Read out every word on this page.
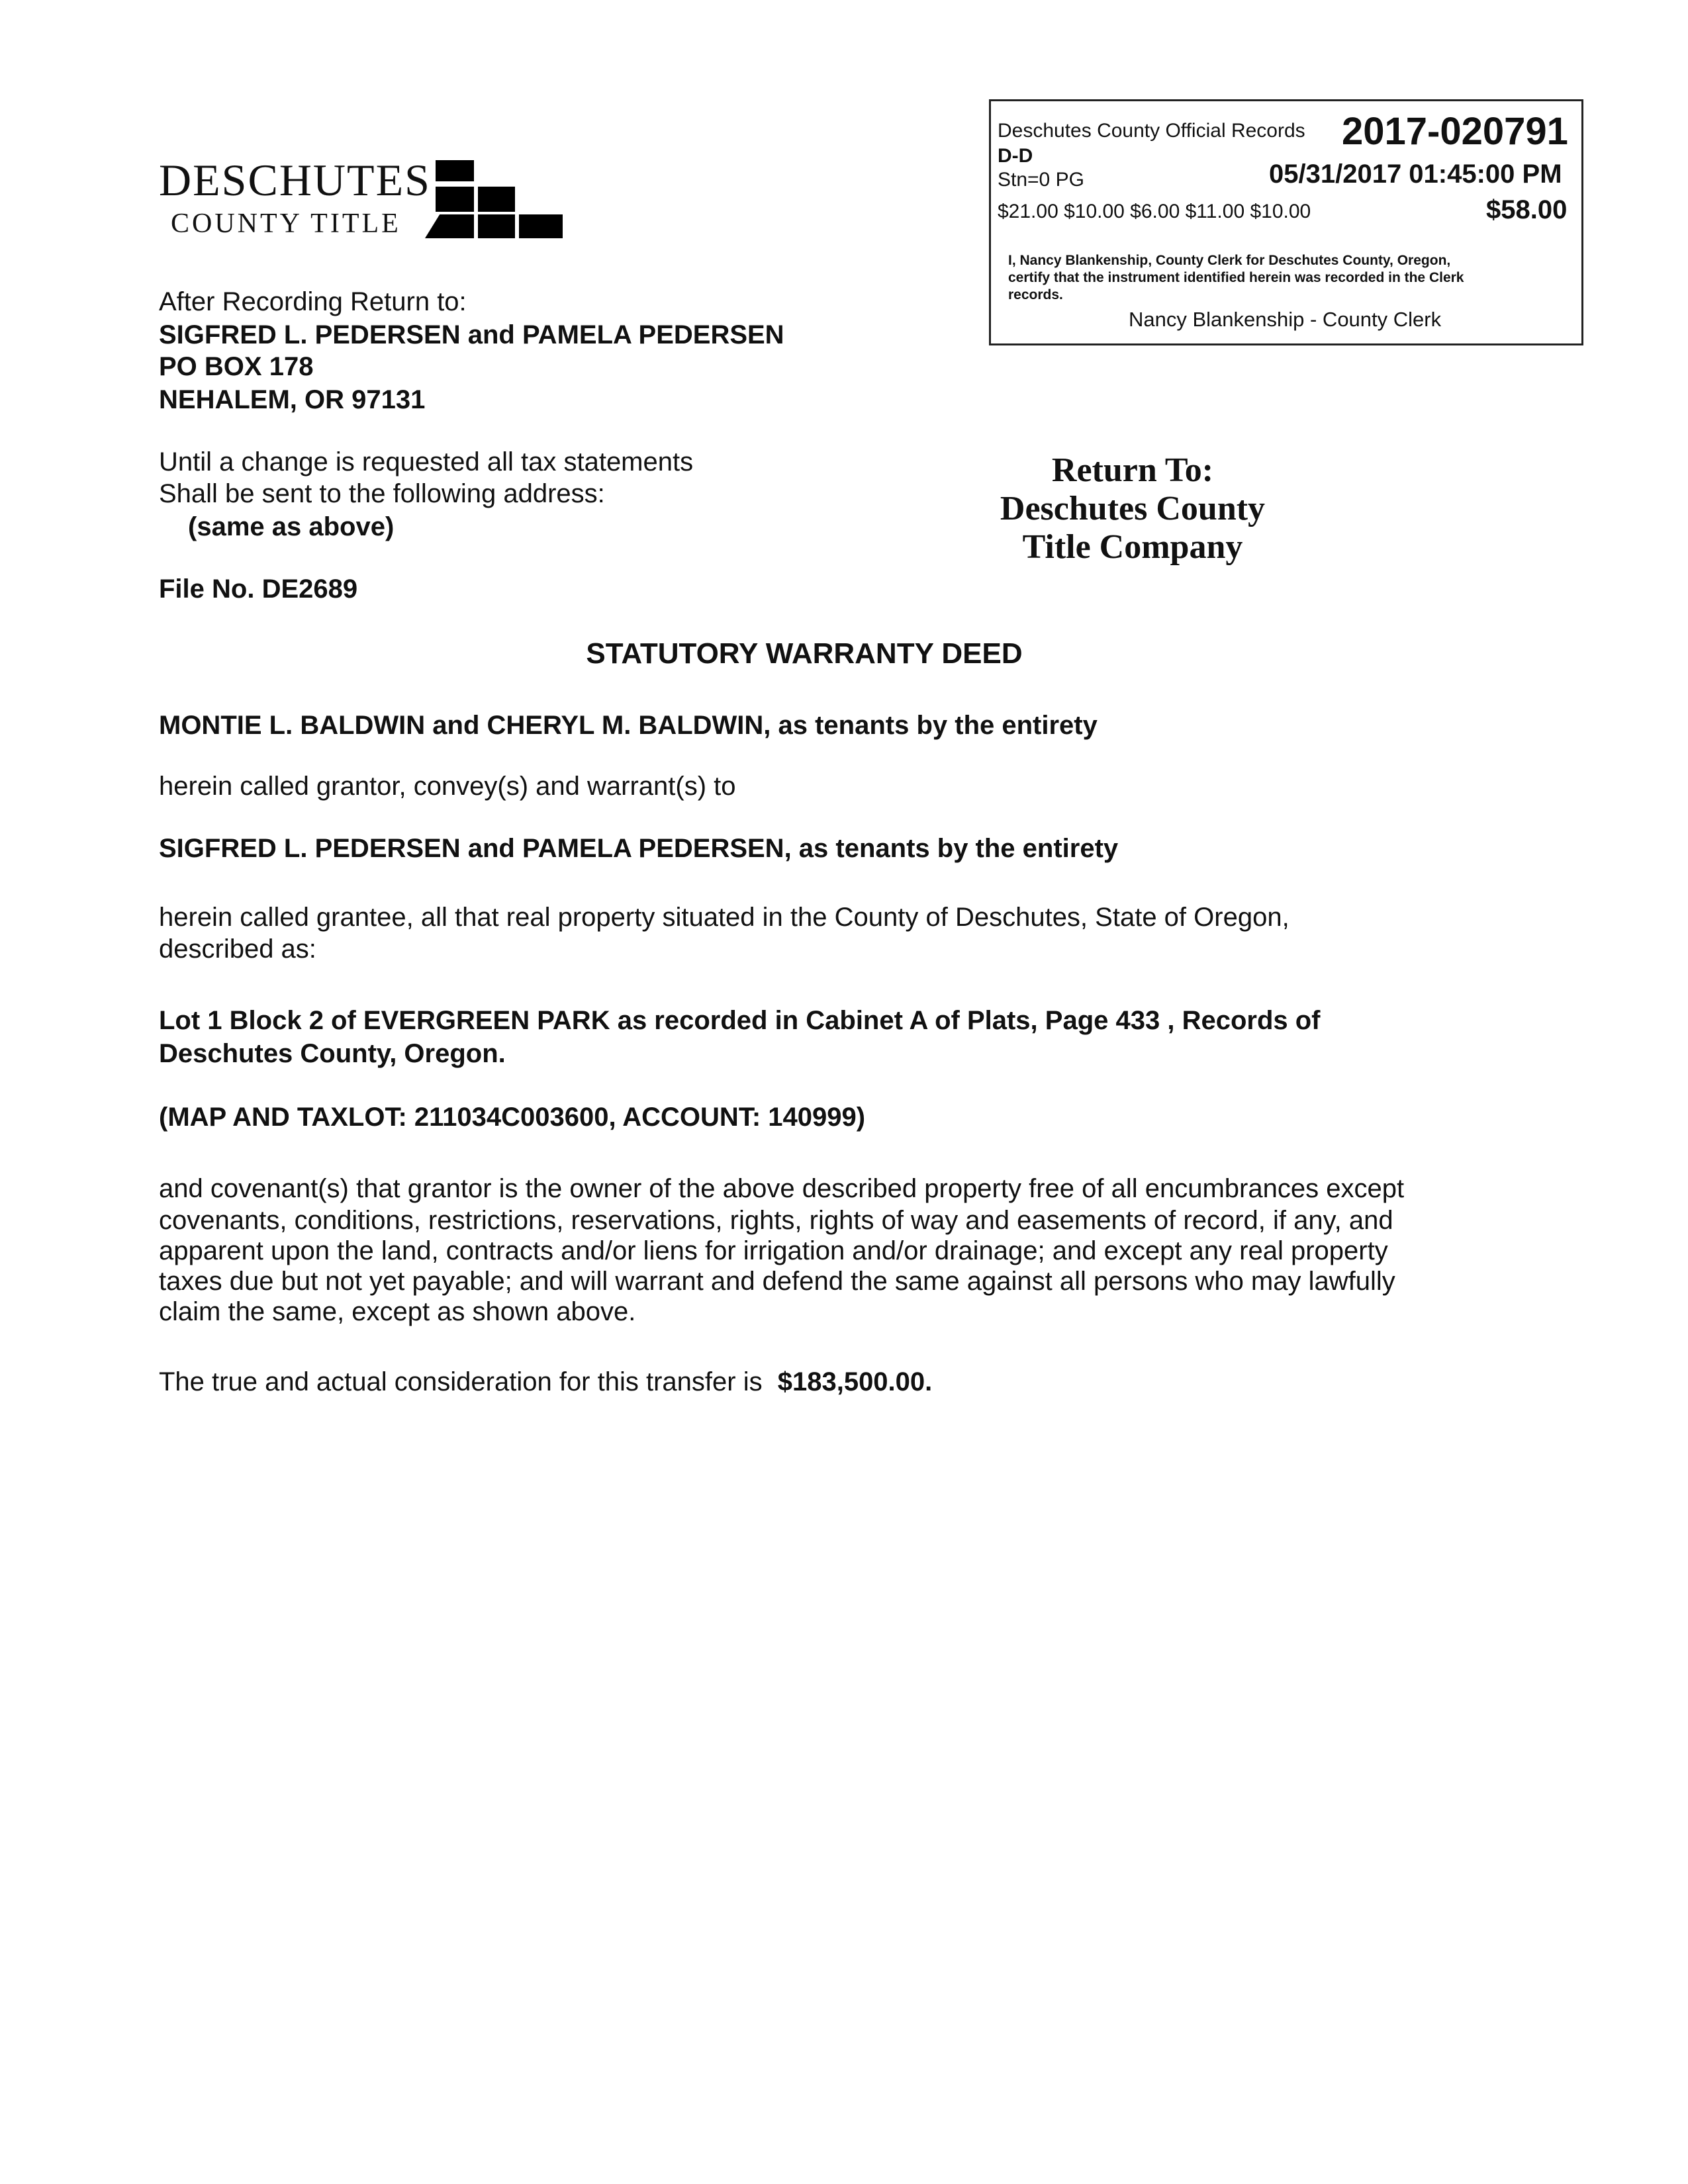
DESCHUTES
COUNTY TITLE
Deschutes County Official Records 2017-020791
D-D
Stn=0 PG	05/31/2017 01:45:00 PM
$21.00 $10.00 $6.00 $11.00 $10.00	$58.00
I, Nancy Blankenship, County Clerk for Deschutes County, Oregon,
certify that the instrument identified herein was recorded in the Clerk
records.
Nancy Blankenship - County Clerk
After Recording Return to:
SIGFRED L. PEDERSEN and PAMELA PEDERSEN
PO BOX 178
NEHALEM, OR 97131
Until a change is requested all tax statements
Shall be sent to the following address:
(same as above)
Return To:
Deschutes County
Title Company
File No. DE2689
STATUTORY WARRANTY DEED
MONTIE L. BALDWIN and CHERYL M. BALDWIN, as tenants by the entirety
herein called grantor, convey(s) and warrant(s) to
SIGFRED L. PEDERSEN and PAMELA PEDERSEN, as tenants by the entirety
herein called grantee, all that real property situated in the County of Deschutes, State of Oregon,
described as:
Lot 1 Block 2 of EVERGREEN PARK as recorded in Cabinet A of Plats, Page 433 , Records of
Deschutes County, Oregon.
(MAP AND TAXLOT: 211034C003600, ACCOUNT: 140999)
and covenant(s) that grantor is the owner of the above described property free of all encumbrances except
covenants, conditions, restrictions, reservations, rights, rights of way and easements of record, if any, and
apparent upon the land, contracts and/or liens for irrigation and/or drainage; and except any real property
taxes due but not yet payable; and will warrant and defend the same against all persons who may lawfully
claim the same, except as shown above.
The true and actual consideration for this transfer is $183,500.00.
